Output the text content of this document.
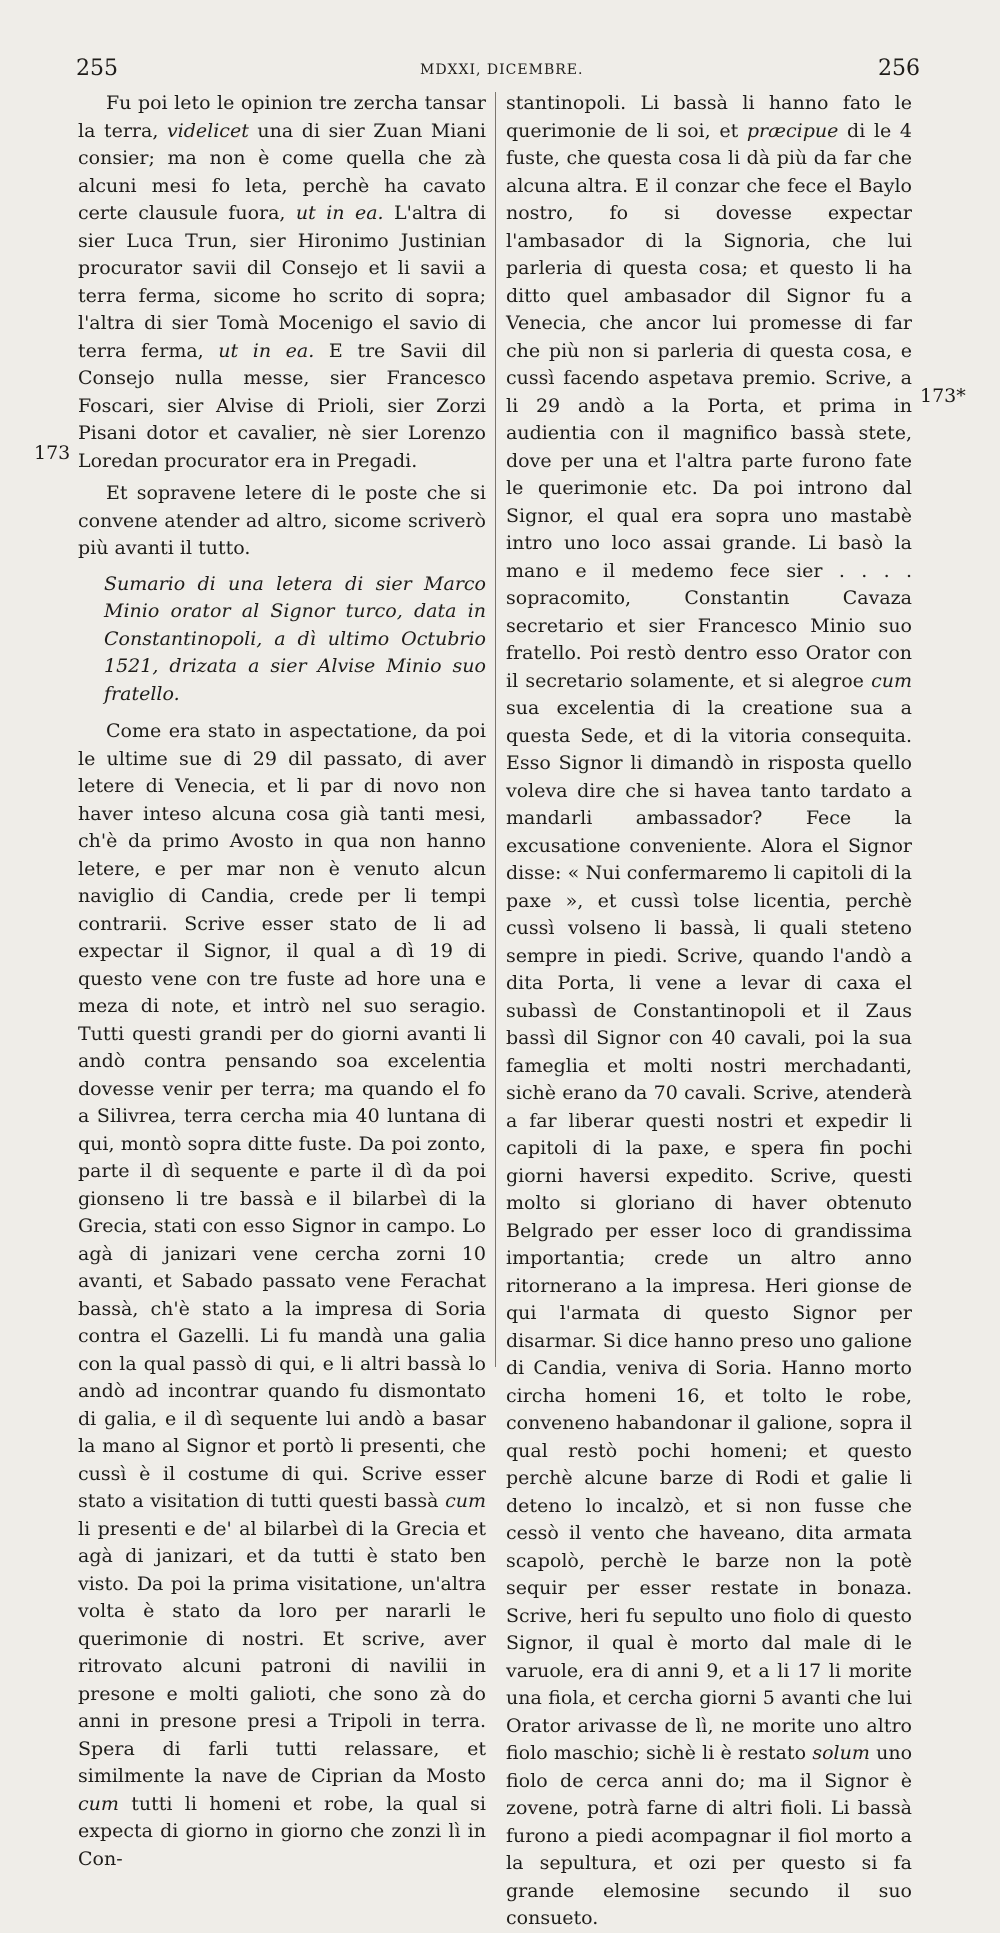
255	MDXXI, DICEMBRE.	256
173
173*

Fu poi leto le opinion tre zercha tansar la terra, videlicet una di sier Zuan Miani consier; ma non è come quella che zà alcuni mesi fo leta, perchè ha cavato certe clausule fuora, ut in ea. L'altra di sier Luca Trun, sier Hironimo Justinian procurator savii dil Consejo et li savii a terra ferma, sicome ho scrito di sopra; l'altra di sier Tomà Mocenigo el savio di terra ferma, ut in ea. E tre Savii dil Consejo nulla messe, sier Francesco Foscari, sier Alvise di Prioli, sier Zorzi Pisani dotor et cavalier, nè sier Lorenzo Loredan procurator era in Pregadi.

Et sopravene letere di le poste che si convene atender ad altro, sicome scriverò più avanti il tutto.

Sumario di una letera di sier Marco Minio orator al Signor turco, data in Constantinopoli, a dì ultimo Octubrio 1521, drizata a sier Alvise Minio suo fratello.

Come era stato in aspectatione, da poi le ultime sue di 29 dil passato, di aver letere di Venecia, et li par di novo non haver inteso alcuna cosa già tanti mesi, ch'è da primo Avosto in qua non hanno letere, e per mar non è venuto alcun naviglio di Candia, crede per li tempi contrarii. Scrive esser stato de li ad expectar il Signor, il qual a dì 19 di questo vene con tre fuste ad hore una e meza di note, et intrò nel suo seragio. Tutti questi grandi per do giorni avanti li andò contra pensando soa excelentia dovesse venir per terra; ma quando el fo a Silivrea, terra cercha mia 40 luntana di qui, montò sopra ditte fuste. Da poi zonto, parte il dì sequente e parte il dì da poi gionseno li tre bassà e il bilarbeì di la Grecia, stati con esso Signor in campo. Lo agà di janizari vene cercha zorni 10 avanti, et Sabado passato vene Ferachat bassà, ch'è stato a la impresa di Soria contra el Gazelli. Li fu mandà una galia con la qual passò di qui, e li altri bassà lo andò ad incontrar quando fu dismontato di galia, e il dì sequente lui andò a basar la mano al Signor et portò li presenti, che cussì è il costume di qui. Scrive esser stato a visitation di tutti questi bassà cum li presenti e de' al bilarbeì di la Grecia et agà di janizari, et da tutti è stato ben visto. Da poi la prima visitatione, un'altra volta è stato da loro per nararli le querimonie di nostri. Et scrive, aver ritrovato alcuni patroni di navilii in presone e molti galioti, che sono zà do anni in presone presi a Tripoli in terra. Spera di farli tutti relassare, et similmente la nave de Ciprian da Mosto cum tutti li homeni et robe, la qual si expecta di giorno in giorno che zonzi lì in Con-

stantinopoli. Li bassà li hanno fato le querimonie de li soi, et præcipue di le 4 fuste, che questa cosa li dà più da far che alcuna altra. E il conzar che fece el Baylo nostro, fo si dovesse expectar l'ambasador di la Signoria, che lui parleria di questa cosa; et questo li ha ditto quel ambasador dil Signor fu a Venecia, che ancor lui promesse di far che più non si parleria di questa cosa, e cussì facendo aspetava premio. Scrive, a li 29 andò a la Porta, et prima in audientia con il magnifico bassà stete, dove per una et l'altra parte furono fate le querimonie etc. Da poi introno dal Signor, el qual era sopra uno mastabè intro uno loco assai grande. Li basò la mano e il medemo fece sier . . . . sopracomito, Constantin Cavaza secretario et sier Francesco Minio suo fratello. Poi restò dentro esso Orator con il secretario solamente, et si alegroe cum sua excelentia di la creatione sua a questa Sede, et di la vitoria consequita. Esso Signor li dimandò in risposta quello voleva dire che si havea tanto tardato a mandarli ambassador? Fece la excusatione conveniente. Alora el Signor disse: « Nui confermaremo li capitoli di la paxe », et cussì tolse licentia, perchè cussì volseno li bassà, li quali steteno sempre in piedi. Scrive, quando l'andò a dita Porta, li vene a levar di caxa el subassì de Constantinopoli et il Zaus bassì dil Signor con 40 cavali, poi la sua fameglia et molti nostri merchadanti, sichè erano da 70 cavali. Scrive, atenderà a far liberar questi nostri et expedir li capitoli di la paxe, e spera fin pochi giorni haversi expedito. Scrive, questi molto si gloriano di haver obtenuto Belgrado per esser loco di grandissima importantia; crede un altro anno ritornerano a la impresa. Heri gionse de qui l'armata di questo Signor per disarmar. Si dice hanno preso uno galione di Candia, veniva di Soria. Hanno morto circha homeni 16, et tolto le robe, conveneno habandonar il galione, sopra il qual restò pochi homeni; et questo perchè alcune barze di Rodi et galie li deteno lo incalzò, et si non fusse che cessò il vento che haveano, dita armata scapolò, perchè le barze non la potè sequir per esser restate in bonaza. Scrive, heri fu sepulto uno fiolo di questo Signor, il qual è morto dal male di le varuole, era di anni 9, et a li 17 li morite una fiola, et cercha giorni 5 avanti che lui Orator arivasse de lì, ne morite uno altro fiolo maschio; sichè li è restato solum uno fiolo de cerca anni do; ma il Signor è zovene, potrà farne di altri fioli. Li bassà furono a piedi acompagnar il fiol morto a la sepultura, et ozi per questo si fa grande elemosine secundo il suo consueto.
